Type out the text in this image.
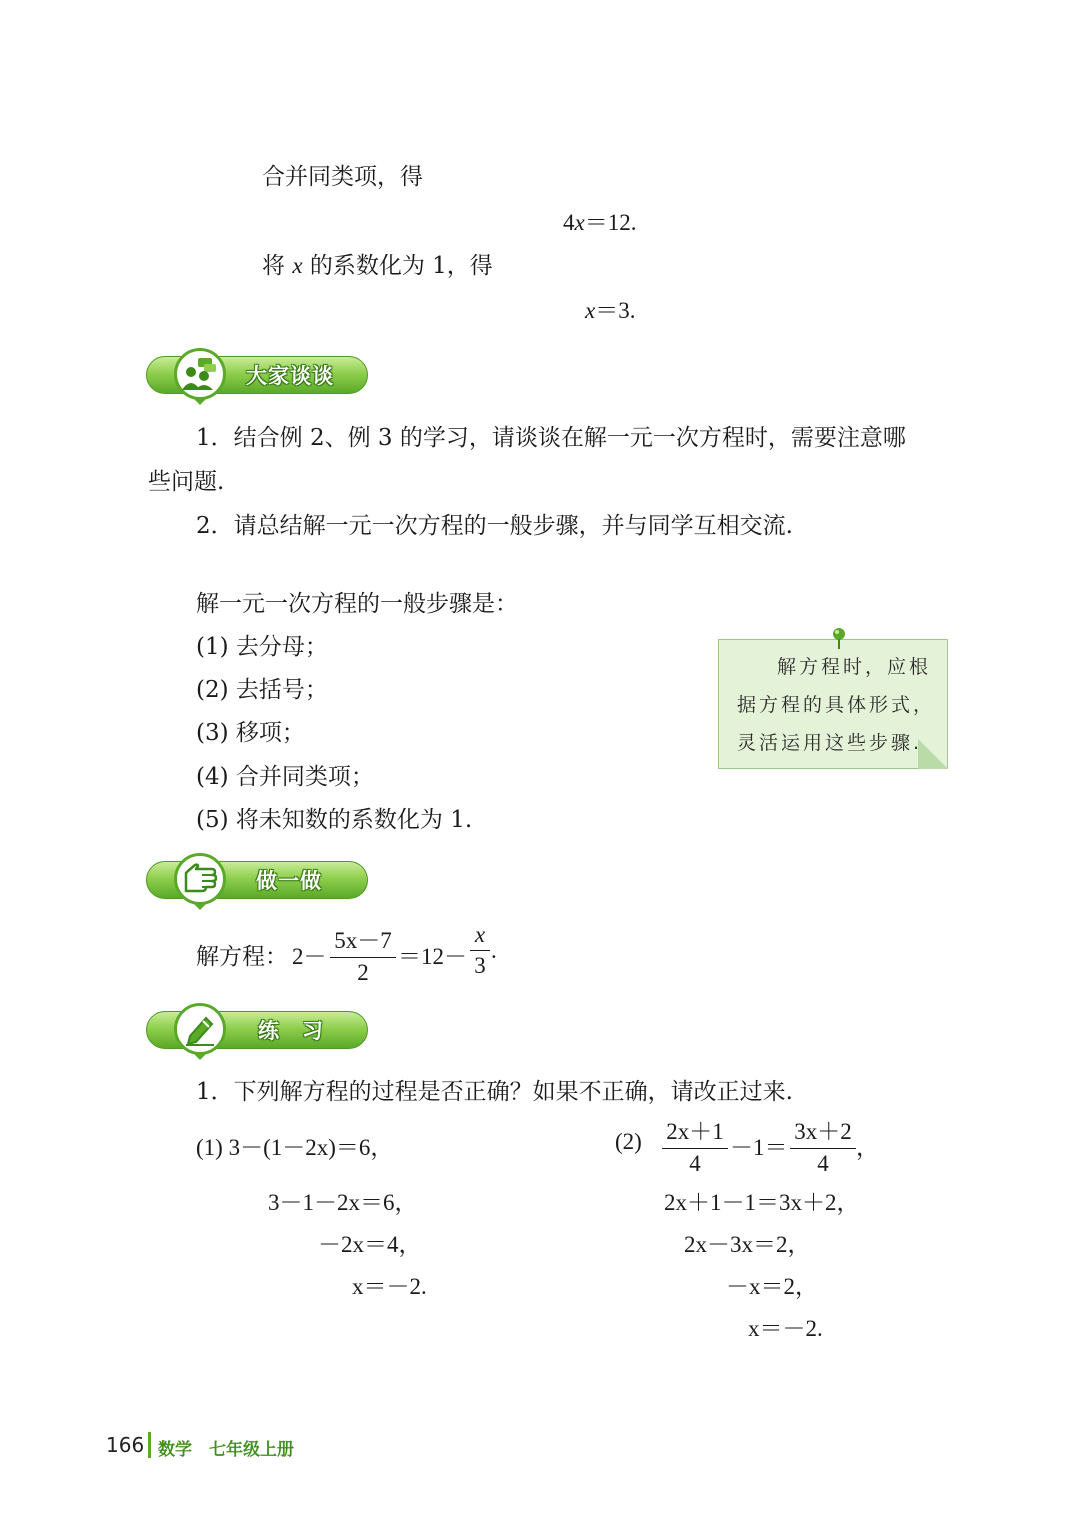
合并同类项，得
4x＝12.
将 x 的系数化为 1，得
x＝3.
大家谈谈
1．结合例 2、例 3 的学习，请谈谈在解一元一次方程时，需要注意哪
些问题.
2．请总结解一元一次方程的一般步骤，并与同学互相交流.
解一元一次方程的一般步骤是：
(1) 去分母；
(2) 去括号；
(3) 移项；
(4) 合并同类项；
(5) 将未知数的系数化为 1.
解方程时，应根
据方程的具体形式，
灵活运用这些步骤.
做一做
解方程： 2－
5x－7
2
＝12－
x
3
.
练　习
1．下列解方程的过程是否正确？如果不正确，请改正过来.
(1) 3－(1－2x)＝6，
3－1－2x＝6，
－2x＝4，
x＝－2.
(2) 2x＋1
4
－1＝
3x＋2
4
，
2x＋1－1＝3x＋2，
2x－3x＝2，
－x＝2，
x＝－2.
166 数学　七年级上册
